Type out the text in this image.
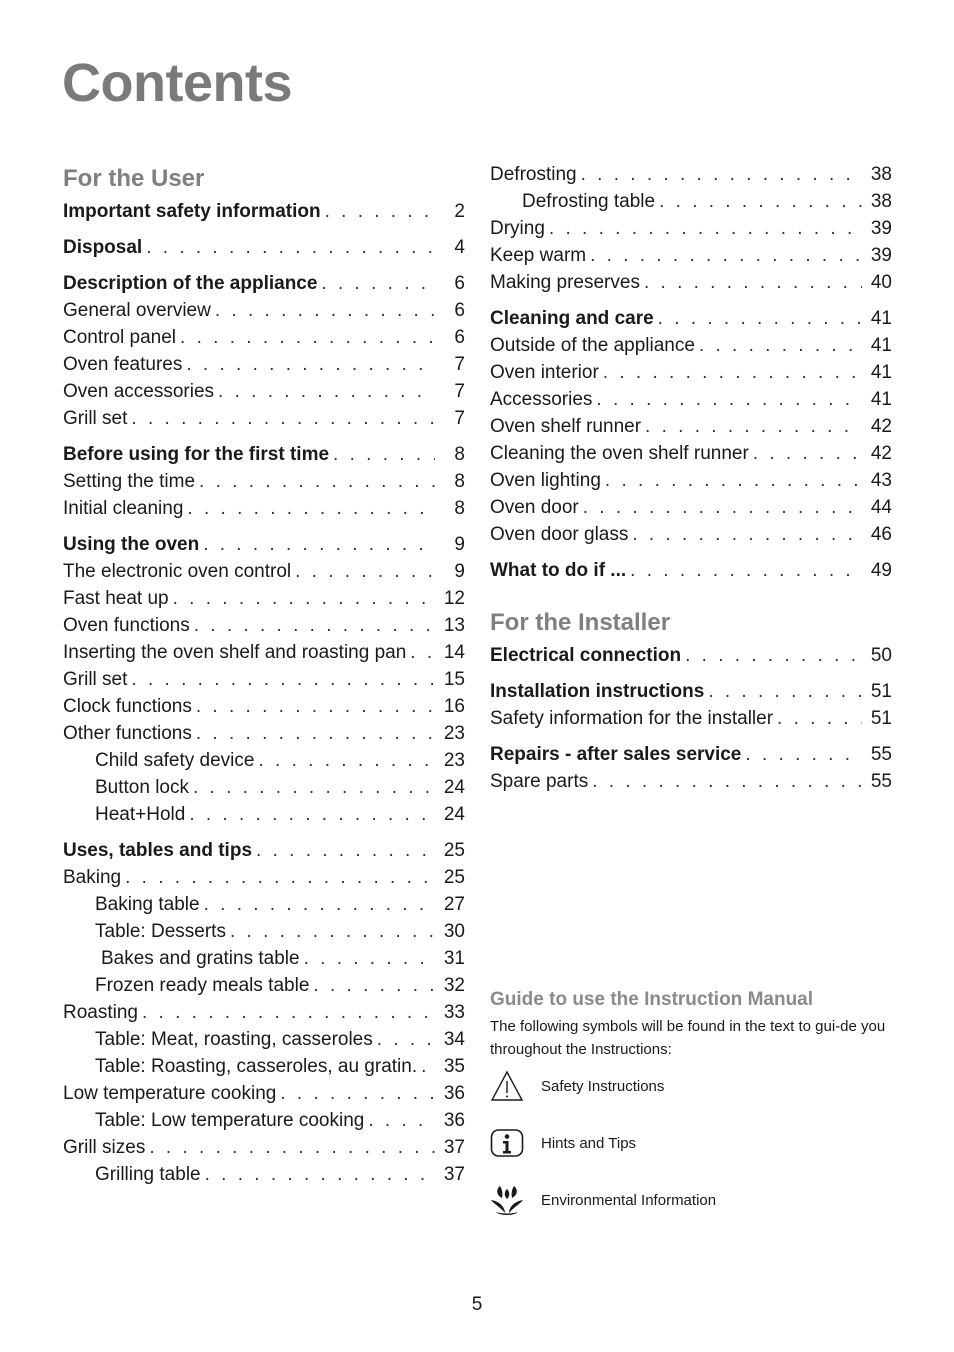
Contents
For the User
Important safety information . . .	2
Disposal . . .	4
Description of the appliance . . .	6
General overview . . .	6
Control panel . . .	6
Oven features . . .	7
Oven accessories . . .	7
Grill set . . .	7
Before using for the first time . . .	8
Setting the time . . .	8
Initial cleaning . . .	8
Using the oven . . .	9
The electronic oven control . . .	9
Fast heat up . . .	12
Oven functions . . .	13
Inserting the oven shelf and roasting pan . . . 14
Grill set . . .	15
Clock functions . . .	16
Other functions . . .	23
Child safety device . . .	23
Button lock . . .	24
Heat+Hold . . .	24
Uses, tables and tips . . .	25
Baking . . .	25
Baking table . . .	27
Table: Desserts . . .	30
Bakes and gratins table . . .	31
Frozen ready meals table . . .	32
Roasting . . .	33
Table: Meat, roasting, casseroles . . .	34
Table: Roasting, casseroles, au gratin. . . . 35
Low temperature cooking . . .	36
Table: Low temperature cooking . . .	36
Grill sizes . . .	37
Grilling table . . .	37
Defrosting . . .	38
Defrosting table . . .	38
Drying . . .	39
Keep warm . . .	39
Making preserves . . .	40
Cleaning and care . . .	41
Outside of the appliance . . .	41
Oven interior . . .	41
Accessories . . .	41
Oven shelf runner . . .	42
Cleaning the oven shelf runner . . .	42
Oven lighting . . .	43
Oven door . . .	44
Oven door glass . . .	46
What to do if ... . . .	49
For the Installer
Electrical connection . . .	50
Installation instructions . . .	51
Safety information for the installer . . .	51
Repairs - after sales service . . .	55
Spare parts . . .	55
Guide to use the Instruction Manual
The following symbols will be found in the text to gui-de you throughout the Instructions:
Safety Instructions
Hints and Tips
Environmental Information
5
